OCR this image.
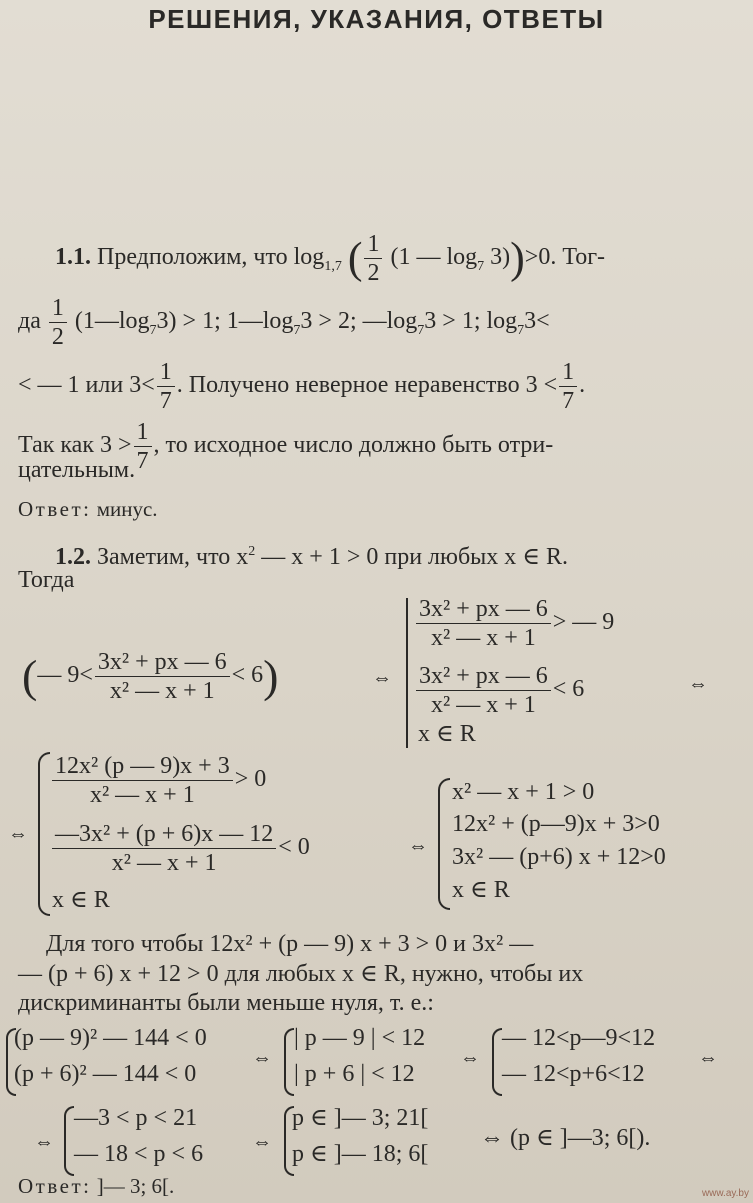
РЕШЕНИЯ, УКАЗАНИЯ, ОТВЕТЫ
1.1. Предположим, что $\log_{1,7}$ ( $\frac{1}{2} (1$ — $\log_7 3))>0$. Тог-
да $\frac{1}{2}$ $(1—\log_73) > 1$; $1—\log_73 > 2$; $—\log_73 > 1$; $\log_73<$
< — 1 или $3< \frac{1}{7}$ . Получено неверное неравенство $3 < \frac{1}{7}$ .
Так как $3 > \frac{1}{7}$ , то исходное число должно быть отри-
цательным.
Ответ: минус.
1.2. Заметим, что $x^2$ — x + 1 > 0 при любых x ∈ R.
Тогда
(— $9< \frac{\text{3x² + px — 6}}{\text{x² — x + 1}} < 6$)	⇔
$\frac{\text{3x² + px — 6}}{\text{x² — x + 1}}$ > — 9
$\frac{\text{3x² + px — 6}}{\text{x² — x + 1}} < 6$
x ∈ R
⇔
⇔
$\frac{\text{12x² (p — 9)x + 3}}{\text{x² — x + 1}} > 0$
$\frac{\text{—3x² + (p + 6)x — 12}}{\text{x² — x + 1}} < 0$
x ∈ R
⇔
x² — x + 1 > 0
12x² + (p—9)x + 3>0
3x² — (p+6) x + 12>0
x ∈ R
Для того чтобы 12x² + (p — 9) x + 3 > 0 и 3x² —
— (p + 6) x + 12 > 0 для любых x ∈ R, нужно, чтобы их
дискриминанты были меньше нуля, т. е.:
(p — 9)² — 144 < 0
(p + 6)² — 144 < 0
⇔
| p — 9 | < 12
| p + 6 | < 12
⇔
— 12<p—9<12
— 12<p+6<12
⇔
⇔
—3 < p < 21
— 18 < p < 6 ⇔
p ∈ ]— 3; 21[
p ∈ ]— 18; 6[
⇔ (p ∈ ]—3; 6[).
Ответ: ]— 3; 6[.	www.ay.by
